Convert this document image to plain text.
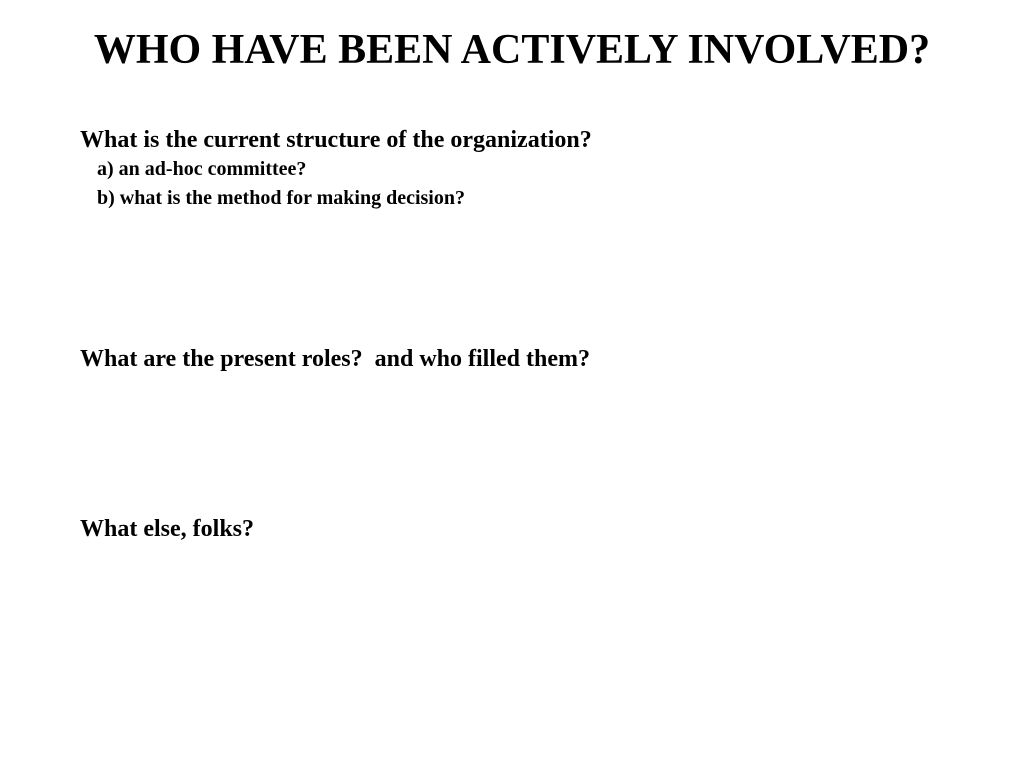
WHO HAVE BEEN ACTIVELY INVOLVED?
What is the current structure of the organization?
a) an ad-hoc committee?
b) what is the method for making decision?
What are the present roles?  and who filled them?
What else, folks?
